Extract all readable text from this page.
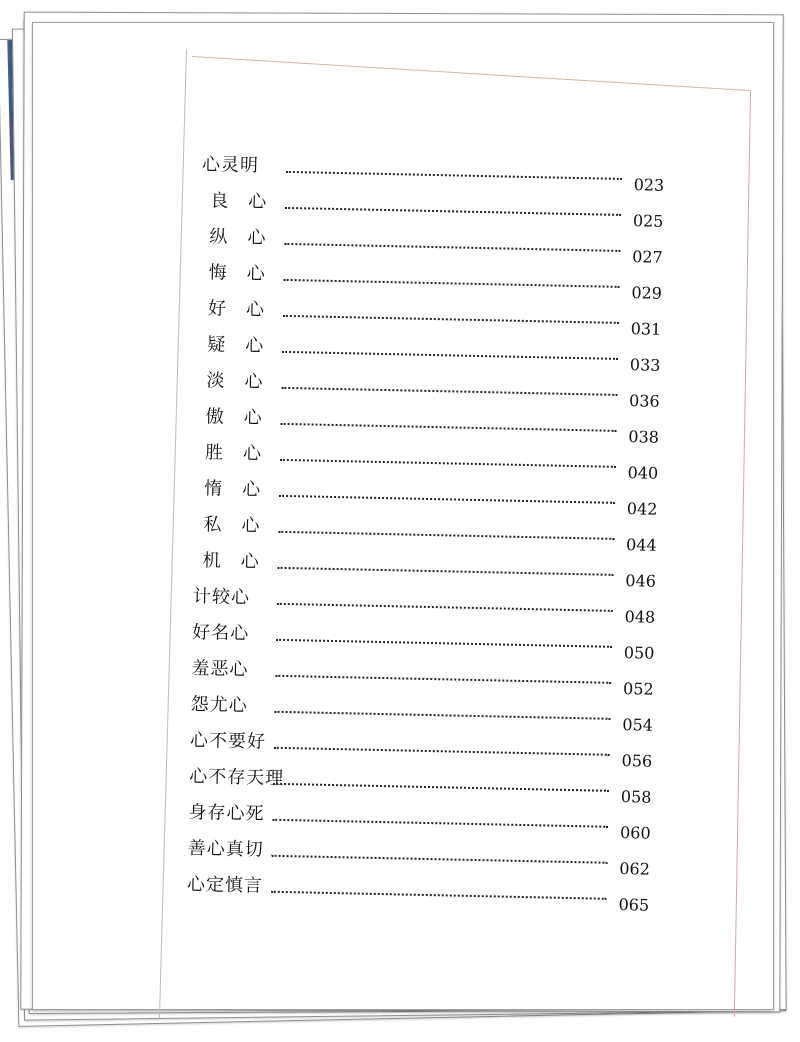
心灵明
023
良心
025
纵心
027
悔心
029
好心
031
疑心
033
淡心
036
傲心
038
胜心
040
惰心
042
私心
044
机心
046
计较心
048
好名心
050
羞恶心
052
怨尤心
054
心不要好
056
心不存天理
058
身存心死
060
善心真切
062
心定慎言
065
